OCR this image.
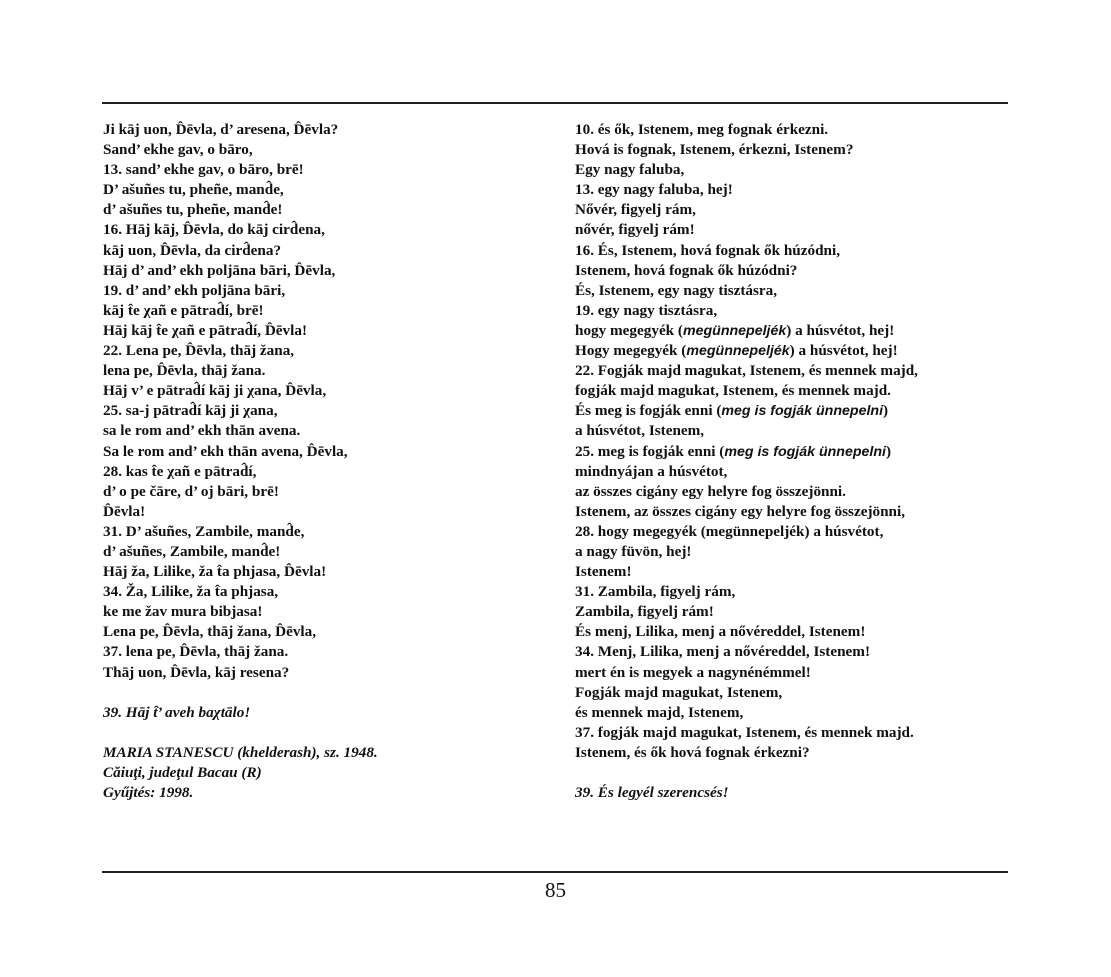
Ji kāj uon, D̂ēvla, d’ aresena, D̂ēvla?
Sand’ ekhe gav, o bāro,
13. sand’ ekhe gav, o bāro, brē!
D’ ašuñes tu, pheñe, mand̂e,
d’ ašuñes tu, pheñe, mand̂e!
16. Hāj kāj, D̂ēvla, do kāj cird̂ena,
kāj uon, D̂ēvla, da cird̂ena?
Hāj d’ and’ ekh poljāna bāri, D̂ēvla,
19. d’ and’ ekh poljāna bāri,
kāj t̂e χañ e pātrad̂í, brē!
Hāj kāj t̂e χañ e pātrad̂í, D̂ēvla!
22. Lena pe, D̂ēvla, thāj žana,
lena pe, D̂ēvla, thāj žana.
Hāj v’ e pātrad̂í kāj ji χana, D̂ēvla,
25. sa-j pātrad̂í kāj ji χana,
sa le rom and’ ekh thān avena.
Sa le rom and’ ekh thān avena, D̂ēvla,
28. kas t̂e χañ e pātrad̂í,
d’ o pe čāre, d’ oj bāri, brē!
D̂ēvla!
31. D’ ašuñes, Zambile, mand̂e,
d’ ašuñes, Zambile, mand̂e!
Hāj ža, Lilike, ža t̂a phjasa, D̂ēvla!
34. Ža, Lilike, ža t̂a phjasa,
ke me žav mura bibjasa!
Lena pe, D̂ēvla, thāj žana, D̂ēvla,
37. lena pe, D̂ēvla, thāj žana.
Thāj uon, D̂ēvla, kāj resena?
39. Hāj t̂’ aveh baχtālo!
MARIA STANESCU (khelderash), sz. 1948.
Căiuţi, judeţul Bacau (R)
Gyűjtés: 1998.
10. és ők, Istenem, meg fognak érkezni.
Hová is fognak, Istenem, érkezni, Istenem?
Egy nagy faluba,
13. egy nagy faluba, hej!
Nővér, figyelj rám,
nővér, figyelj rám!
16. És, Istenem, hová fognak ők húzódni,
Istenem, hová fognak ők húzódni?
És, Istenem, egy nagy tisztásra,
19. egy nagy tisztásra,
hogy megegyék (megünnepeljék) a húsvétot, hej!
Hogy megegyék (megünnepeljék) a húsvétot, hej!
22. Fogják majd magukat, Istenem, és mennek majd,
fogják majd magukat, Istenem, és mennek majd.
És meg is fogják enni (meg is fogják ünnepelni)
a húsvétot, Istenem,
25. meg is fogják enni (meg is fogják ünnepelni)
mindnyájan a húsvétot,
az összes cigány egy helyre fog összejönni.
Istenem, az összes cigány egy helyre fog összejönni,
28. hogy megegyék (megünnepeljék) a húsvétot,
a nagy füvön, hej!
Istenem!
31. Zambila, figyelj rám,
Zambila, figyelj rám!
És menj, Lilika, menj a nővéreddel, Istenem!
34. Menj, Lilika, menj a nővéreddel, Istenem!
mert én is megyek a nagynénémmel!
Fogják majd magukat, Istenem,
és mennek majd, Istenem,
37. fogják majd magukat, Istenem, és mennek majd.
Istenem, és ők hová fognak érkezni?
39. És legyél szerencsés!
85
